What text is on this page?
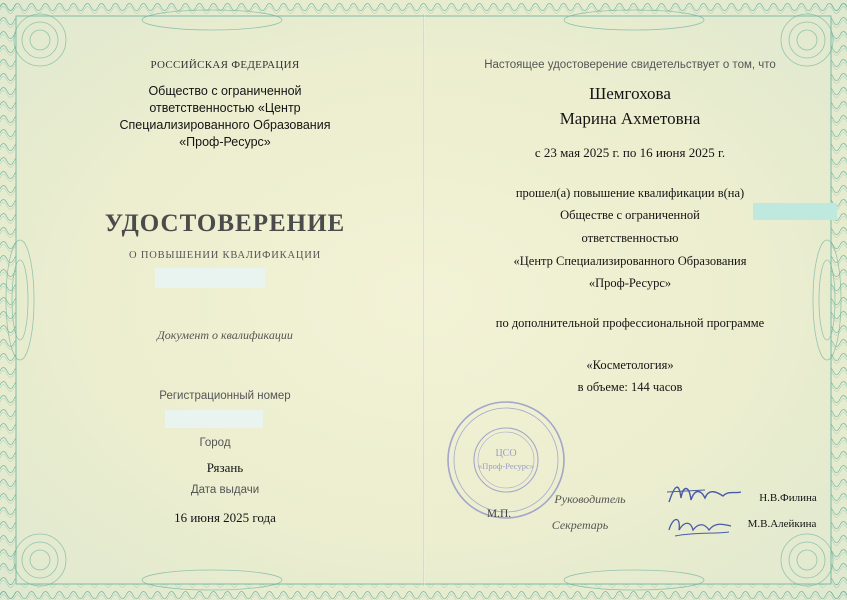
РОССИЙСКАЯ ФЕДЕРАЦИЯ
Общество с ограниченной
ответственностью «Центр
Специализированного Образования
«Проф-Ресурс»
УДОСТОВЕРЕНИЕ
О ПОВЫШЕНИИ КВАЛИФИКАЦИИ
Документ о квалификации
Регистрационный номер
Город
Рязань
Дата выдачи
16 июня 2025 года
Настоящее удостоверение свидетельствует о том, что
Шемгохова
Марина Ахметовна
с 23 мая 2025 г. по 16 июня 2025 г.
прошел(а) повышение квалификации в(на)
Обществе с ограниченной
ответственностью
«Центр Специализированного Образования
«Проф-Ресурс»
по дополнительной профессиональной программе
«Косметология»
в объеме: 144 часов
ЦСО
«Проф-Ресурс»
М.П.
Руководитель	Н.В.Филина
Секретарь	М.В.Алейкина
